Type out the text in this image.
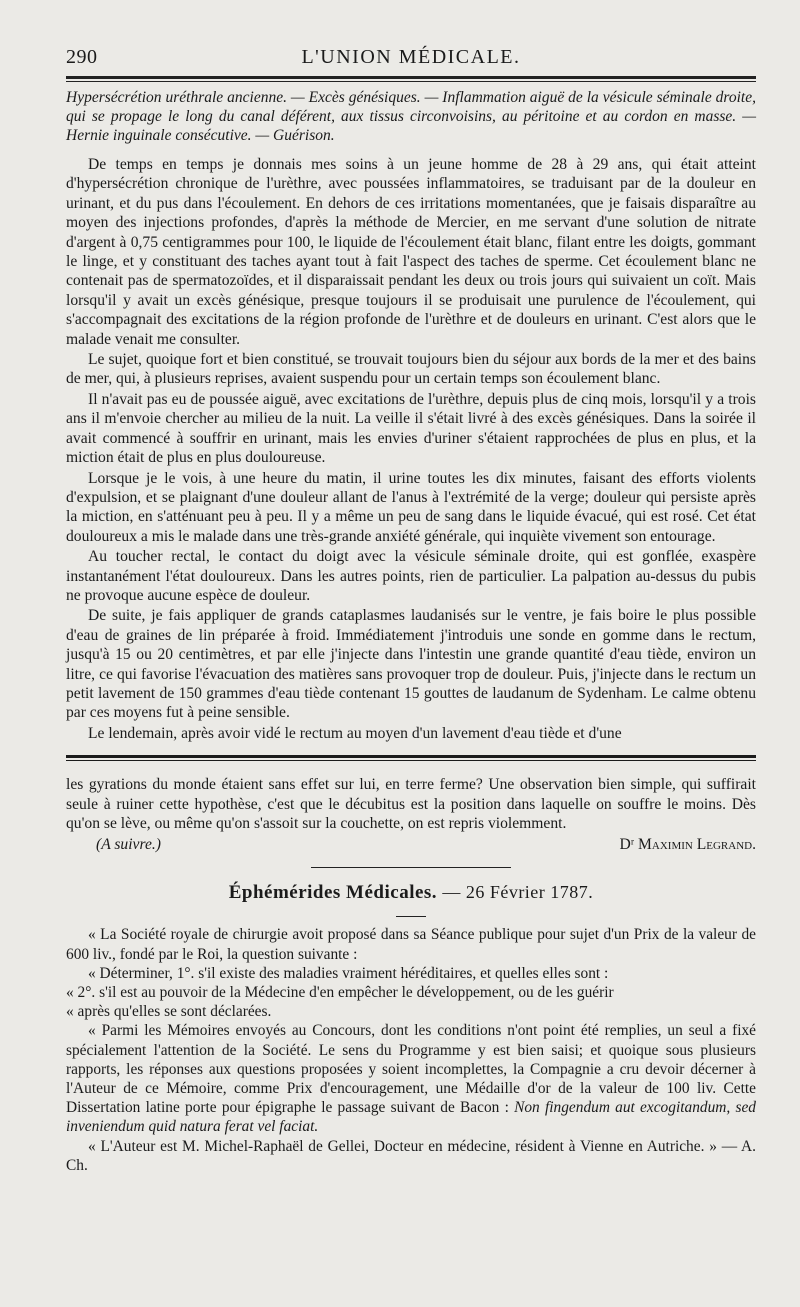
290	L'UNION MÉDICALE.

Hypersécrétion uréthrale ancienne. — Excès génésiques. — Inflammation aiguë de la vésicule séminale droite, qui se propage le long du canal déférent, aux tissus circonvoisins, au péritoine et au cordon en masse. — Hernie inguinale consécutive. — Guérison.

De temps en temps je donnais mes soins à un jeune homme de 28 à 29 ans, qui était atteint d'hypersécrétion chronique de l'urèthre, avec poussées inflammatoires, se traduisant par de la douleur en urinant, et du pus dans l'écoulement. En dehors de ces irritations momentanées, que je faisais disparaître au moyen des injections profondes, d'après la méthode de Mercier, en me servant d'une solution de nitrate d'argent à 0,75 centigrammes pour 100, le liquide de l'écoulement était blanc, filant entre les doigts, gommant le linge, et y constituant des taches ayant tout à fait l'aspect des taches de sperme. Cet écoulement blanc ne contenait pas de spermatozoïdes, et il disparaissait pendant les deux ou trois jours qui suivaient un coït. Mais lorsqu'il y avait un excès génésique, presque toujours il se produisait une purulence de l'écoulement, qui s'accompagnait des excitations de la région profonde de l'urèthre et de douleurs en urinant. C'est alors que le malade venait me consulter.

Le sujet, quoique fort et bien constitué, se trouvait toujours bien du séjour aux bords de la mer et des bains de mer, qui, à plusieurs reprises, avaient suspendu pour un certain temps son écoulement blanc.

Il n'avait pas eu de poussée aiguë, avec excitations de l'urèthre, depuis plus de cinq mois, lorsqu'il y a trois ans il m'envoie chercher au milieu de la nuit. La veille il s'était livré à des excès génésiques. Dans la soirée il avait commencé à souffrir en urinant, mais les envies d'uriner s'étaient rapprochées de plus en plus, et la miction était de plus en plus douloureuse.

Lorsque je le vois, à une heure du matin, il urine toutes les dix minutes, faisant des efforts violents d'expulsion, et se plaignant d'une douleur allant de l'anus à l'extrémité de la verge; douleur qui persiste après la miction, en s'atténuant peu à peu. Il y a même un peu de sang dans le liquide évacué, qui est rosé. Cet état douloureux a mis le malade dans une très-grande anxiété générale, qui inquiète vivement son entourage.

Au toucher rectal, le contact du doigt avec la vésicule séminale droite, qui est gonflée, exaspère instantanément l'état douloureux. Dans les autres points, rien de particulier. La palpation au-dessus du pubis ne provoque aucune espèce de douleur.

De suite, je fais appliquer de grands cataplasmes laudanisés sur le ventre, je fais boire le plus possible d'eau de graines de lin préparée à froid. Immédiatement j'introduis une sonde en gomme dans le rectum, jusqu'à 15 ou 20 centimètres, et par elle j'injecte dans l'intestin une grande quantité d'eau tiède, environ un litre, ce qui favorise l'évacuation des matières sans provoquer trop de douleur. Puis, j'injecte dans le rectum un petit lavement de 150 grammes d'eau tiède contenant 15 gouttes de laudanum de Sydenham. Le calme obtenu par ces moyens fut à peine sensible.

Le lendemain, après avoir vidé le rectum au moyen d'un lavement d'eau tiède et d'une

les gyrations du monde étaient sans effet sur lui, en terre ferme? Une observation bien simple, qui suffirait seule à ruiner cette hypothèse, c'est que le décubitus est la position dans laquelle on souffre le moins. Dès qu'on se lève, ou même qu'on s'assoit sur la couchette, on est repris violemment.

(A suivre.)	Dʳ Maximin Legrand.
Éphémérides Médicales. — 26 Février 1787.

« La Société royale de chirurgie avoit proposé dans sa Séance publique pour sujet d'un Prix de la valeur de 600 liv., fondé par le Roi, la question suivante :

« Déterminer, 1°. s'il existe des maladies vraiment héréditaires, et quelles elles sont :

« 2°. s'il est au pouvoir de la Médecine d'en empêcher le développement, ou de les guérir

« après qu'elles se sont déclarées.

« Parmi les Mémoires envoyés au Concours, dont les conditions n'ont point été remplies, un seul a fixé spécialement l'attention de la Société. Le sens du Programme y est bien saisi; et quoique sous plusieurs rapports, les réponses aux questions proposées y soient incomplettes, la Compagnie a cru devoir décerner à l'Auteur de ce Mémoire, comme Prix d'encouragement, une Médaille d'or de la valeur de 100 liv. Cette Dissertation latine porte pour épigraphe le passage suivant de Bacon : Non fingendum aut excogitandum, sed inveniendum quid natura ferat vel faciat.

« L'Auteur est M. Michel-Raphaël de Gellei, Docteur en médecine, résident à Vienne en Autriche. » — A. Ch.
